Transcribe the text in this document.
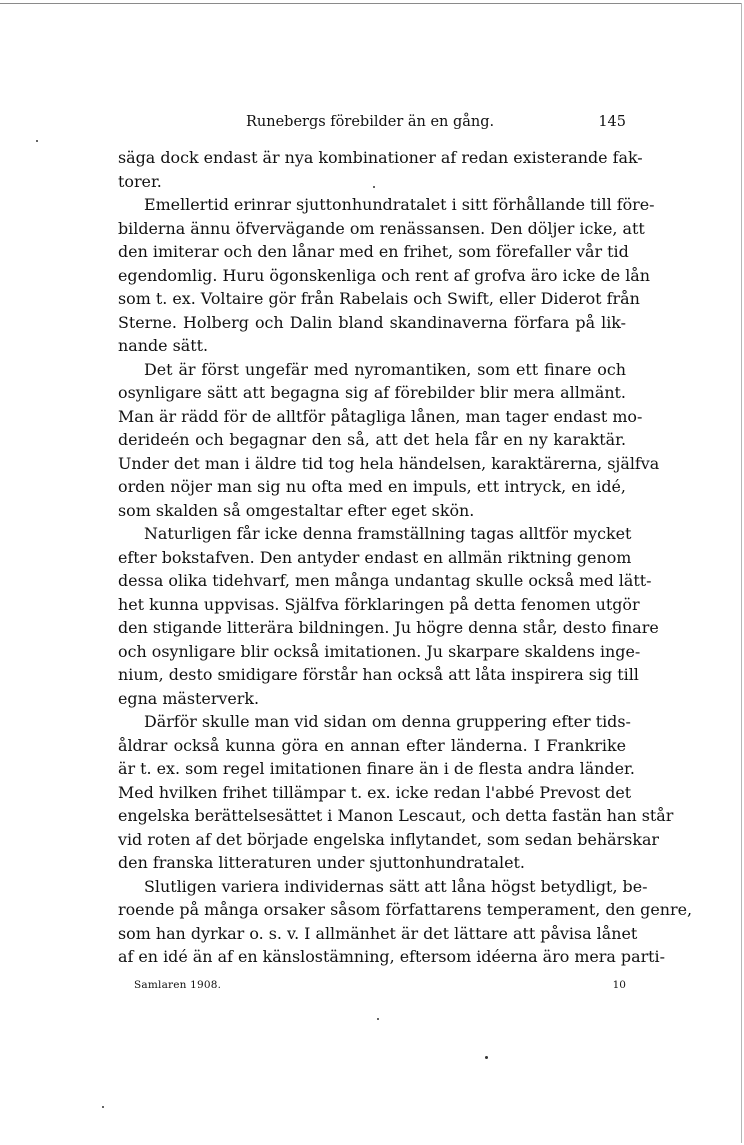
Runebergs förebilder än en gång.	145
säga dock endast är nya kombinationer af redan existerande fak-
torer.
Emellertid erinrar sjuttonhundratalet i sitt förhållande till före-
bilderna ännu öfvervägande om renässansen. Den döljer icke, att
den imiterar och den lånar med en frihet, som förefaller vår tid
egendomlig. Huru ögonskenliga och rent af grofva äro icke de lån
som t. ex. Voltaire gör från Rabelais och Swift, eller Diderot från
Sterne. Holberg och Dalin bland skandinaverna förfara på lik-
nande sätt.
Det är först ungefär med nyromantiken, som ett finare och
osynligare sätt att begagna sig af förebilder blir mera allmänt.
Man är rädd för de alltför påtagliga lånen, man tager endast mo-
derideén och begagnar den så, att det hela får en ny karaktär.
Under det man i äldre tid tog hela händelsen, karaktärerna, själfva
orden nöjer man sig nu ofta med en impuls, ett intryck, en idé,
som skalden så omgestaltar efter eget skön.
Naturligen får icke denna framställning tagas alltför mycket
efter bokstafven. Den antyder endast en allmän riktning genom
dessa olika tidehvarf, men många undantag skulle också med lätt-
het kunna uppvisas. Själfva förklaringen på detta fenomen utgör
den stigande litterära bildningen. Ju högre denna står, desto finare
och osynligare blir också imitationen. Ju skarpare skaldens inge-
nium, desto smidigare förstår han också att låta inspirera sig till
egna mästerverk.
Därför skulle man vid sidan om denna gruppering efter tids-
åldrar också kunna göra en annan efter länderna. I Frankrike
är t. ex. som regel imitationen finare än i de flesta andra länder.
Med hvilken frihet tillämpar t. ex. icke redan l'abbé Prevost det
engelska berättelsesättet i Manon Lescaut, och detta fastän han står
vid roten af det började engelska inflytandet, som sedan behärskar
den franska litteraturen under sjuttonhundratalet.
Slutligen variera individernas sätt att låna högst betydligt, be-
roende på många orsaker såsom författarens temperament, den genre,
som han dyrkar o. s. v. I allmänhet är det lättare att påvisa lånet
af en idé än af en känslostämning, eftersom idéerna äro mera parti-
Samlaren 1908.	10
